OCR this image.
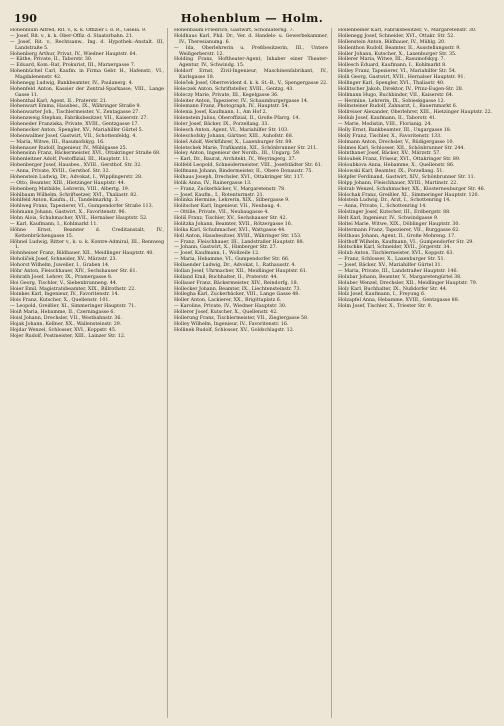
190	Hohenblum — Holm.

Hohenblum Alfred, Rit. v., k. k. Offizier i. d. R., Gisela. 9.

— Josef, Rit. v., k. k. Ober-Offiz. d. Staatsrbahn. 21.

— Josef, Rit. v., Rechtsanw., Ing. d. Hypothek.-Anstalt. III, Landstraße 5.

Hohenberg Arthur, Privat, IV., Wiedner Hauptstr. 64.

— Käthe, Private, II., Taborstr. 30.

— Eduard, Kom.-Rat, Prokurist, III., Marxergasse 7.

Hohenbüchel Carl, Kaufm. in Firma Gebr. H., Hafenstr., VI., Magdalenenstr. 42.

Hohenegg Ludwig, Bankbeamter, IV., Paulanerg. 4.

Hohenfeld Anton, Kassier der Zentral-Sparkasse, VIII., Lange Gasse 11.

Hohenthal Karl, Agent, II., Praterstr. 21.

Hohenwart Emma, Hausbes., IX., Währinger Straße 9.

Hohenwarter Joh., Tischlermeister, V., Zentagasse 27.

Hohenzweig Stephan, Fabriksbesitzer, VII., Kaiserstr. 27.

Hoheneder Franziska, Private, XVIII., Gentzgasse 17.

Hohenecker Anton, Spengler, XV., Mariahilfer Gürtel 5.

Hohenwallner Josef, Gastwirt, VII., Schottenfeldg. 4.

— Maria, Witwe, III., Rasumofskyg. 16.

Hohenauer Rudolf, Ingenieur, IV., Mühlgasse 25.

Hohensinn Franz, Bäckermeister, XVI., Ottakringer Straße 68.

Hohenleitner Adolf, Postoffizial, III., Hauptstr. 11.

Hohenberger Josef, Hausbes., XVIII., Gersthof. Str. 32.

— Anna, Private, XVIII., Gersthof. Str. 32.

Hohenstein Ludwig, Dr., Advokat, I., Wipplingerstr. 28.

— Otto, Beamter, XIII., Hietzinger Hauptstr. 44.

Hohenberg Mathilde, Lehrerin, VIII., Albertg. 19.

Hohlbaum Wilhelm, Schriftsetzer, XVI., Thaliastr. 82.

Hohlfeld Anton, Kaufm., II., Tandelmarktg. 3.

Hohlweg Franz, Tapezierer, VI., Gumpendorfer Straße 113.

Hohmann Johann, Gastwirt, X., Favoritenstr. 96.

Hohn Alois, Schuhmacher, XVII., Hernalser Hauptstr. 52.

— Karl, Kaufmann, I., Kohlmarkt 11.

Höhne Ernst, Beamter d. Creditanstalt, IV., Kettenbrückengasse 15.

Höhnel Ludwig, Ritter v., k. u. k. Kontre-Admiral, III., Rennweg 1.

Hohnheiser Franz, Bildhauer, XII., Meidlinger Hauptstr. 40.

Hoholiček Josef, Schneider, XV., Märzstr. 23.

Hohorst Wilhelm, Juwelier, I., Graben 14.

Höhr Anton, Fleischhauer, XIV., Sechshauser Str. 61.

Hohrath Josef, Lehrer, IX., Pramergasse 8.

Hoi Georg, Tischler, V., Siebenbrunneng. 44.

Hoier Emil, Magistratsbeamter, XIX., Billrothstr. 22.

Hoinkes Karl, Ingenieur, IV., Favoritenstr. 14.

Hois Franz, Kutscher, X., Quellenstr. 101.

— Leopold, Greißler, XI., Simmeringer Hauptstr. 71.

Hoiß Maria, Hebamme, II., Czerningasse 6.

Hoisl Johann, Drechsler, VII., Westbahnstr. 36.

Hojak Johann, Kellner, XX., Wallensteinstr. 29.

Hojdar Wenzel, Schlosser, XVI., Koppstr. 45.

Hojer Rudolf, Postmeister, XIII., Lainzer Str. 12.

Hohenbaum Friedrich, Gastwirt, Schönlaterng. 7.

Holdhaus Karl, Phil. Dr., Ver. d. Handels- u. Gewerbekammer, IV., Theresianumg. 6.

— Ida, Oberlehrerin u. Preßbesitzerin, III., Untere Weißgerberstr. 12.

Holding Franz, Hoftheater-Agent, Inhaber einer Theater-Agentur, IV., Schwindg. 15.

Holdorf Ernst, Zivil-Ingenieur, Maschinenfabrikant, IV., Karlsgasse 18.

Holeček Josef, Oberrevident d. k. k. St.-B., V., Spengergasse 22.

Holeczek Anton, Schriftsteller, XVIII., Gentzg. 43.

Holeczy Marie, Private, III., Kegelgasse 36.

Holeiter Anton, Tapezierer, IV., Schaumburgergasse 14.

Holemann Franz, Photograph, IV., Hauptstr. 54.

Holenia Josef, Kaufmann, I., Am Hof 2.

Holenstein Julius, Oberoffizial, II., Große Pfarrg. 14.

Holer Josef, Bäcker, IX., Porzellang. 33.

Holesch Anton, Agent, VI., Mariahilfer Str. 103.

Holeschofsky Johann, Gärtner, XIII., Auhofstr. 68.

Holeš Adolf, Werkführer, X., Laxenburger Str. 89.

Holetschek Marie, Trafikantin, XII., Schönbrunner Str. 211.

Holey Anton, Ingenieur der Nordb., III., Ungarg. 59.

— Karl, Dr., Baurat, Architekt, IV., Weyringerg. 37.

Holfeld Leopold, Schneidermeister, VIII., Josefstädter Str. 61.

Holfmann Johann, Bindermeister, II., Obere Donaustr. 75.

Holhaus Joseph, Drechsler, XVI., Ottakringer Str. 117.

Holik Anna, IV., Rainergasse 13.

— Franz, Zuckerbäcker, V., Margaretenstr. 78.

— Josef, Kaufm., I., Rotenturmstr. 21.

Holinka Hermine, Lehrerin, XIX., Silbergasse 9.

Holitscher Karl, Ingenieur, VII., Neubaug. 4.

— Ottilie, Private, VII., Neubaugasse 4.

Holiš Franz, Tischler, XV., Sechshauser Str. 42.

Holitzka Johann, Beamter, XVII., Rötzergasse 16.

Holka Karl, Schuhmacher, XVI., Wattgasse 44.

Holl Anton, Hausbesitzer, XVIII., Währinger Str. 153.

— Franz, Fleischhauer, III., Landstraßer Hauptstr. 88.

— Johann, Gastwirt, X., Himberger Str. 27.

— Josef, Kaufmann, I., Wollzeile 12.

— Maria, Hebamme, VI., Gumpendorfer Str. 66.

Hollaender Ludwig, Dr., Advokat, I., Rathausstr. 4.

Hollan Josef, Uhrmacher, XII., Meidlinger Hauptstr. 61.

Holland Emil, Buchhalter, II., Praterstr. 44.

Hollauer Franz, Bäckermeister, XIV., Reindorfg. 18.

Hollecker Johann, Beamter, IX., Liechtensteinstr. 73.

Hollegha Karl, Zuckerbäcker, VIII., Lange Gasse 48.

Holler Anton, Lackierer, XX., Brigittaplatz 6.

— Karoline, Private, IV., Wiedner Hauptstr. 30.

Hollerer Josef, Kutscher, X., Quellenstr. 42.

Hollerung Franz, Tischlermeister, VII., Zieglergasse 58.

Holley Wilhelm, Ingenieur, IV., Favoritenstr. 16.

Hollinek Rudolf, Schlosser, XV., Goldschlagstr. 12.

Hollenbeiner Karl, Fabriksbesitzer, V., Margaretenstr. 30.

Hollenegg Josef, Schneider, XVI., Ottakr. Str. 52.

Hollenstein Anton, Bildhauer, IV., Mühlg. 20.

Hollenthon Rudolf, Beamter, II., Ausstellungsstr. 9.

Holler Johann, Kutscher, X., Laxenburger Str. 35.

Hollerer Maria, Witwe, III., Rasumofskyg. 7.

Hollesch Eduard, Kaufmann, I., Kohlmarkt 8.

Holley Franz, Tapezierer, VI., Mariahilfer Str. 54.

Holli Georg, Gastwirt, XVII., Hernalser Hauptstr. 91.

Hollinger Karl, Spengler, XVI., Thaliastr. 40.

Hollitscher Jakob, Direktor, IV., Prinz-Eugen-Str. 28.

Hollmann Hugo, Buchbinder, VII., Kaiserstr. 64.

— Hermine, Lehrerin, IX., Sobieskigasse 12.

Hollnsteiner Rudolf, Zahnarzt, I., Bauernmarkt 6.

Hollreiser Alexander, Oberlehrer, XIII., Hietzinger Hauptstr. 22.

Hollub Josef, Kaufmann, II., Taborstr. 41.

— Marie, Modistin, VIII., Florianig. 24.

Holly Ernst, Bankbeamter, III., Ungargasse 18.

Hollý Franz, Tischler, X., Favoritenstr. 133.

Holmann Anton, Drechsler, V., Rüdigergasse 10.

Holmes Karl, Schlosser, XII., Schönbrunner Str. 244.

Holnthaner Josef, Bäcker, XV., Märzstr. 57.

Holoubek Franz, Friseur, XVI., Ottakringer Str. 89.

Holoubkova Anna, Hebamme, X., Quellenstr. 86.

Holowski Karl, Beamter, IX., Porzellang. 51.

Holpfer Ferdinand, Gastwirt, XIV., Schönbrunner Str. 11.

Holpp Johann, Fleischhauer, XVIII., Martinstr. 22.

Holrab Wenzel, Schuhmacher, XX., Klosterneuburger Str. 46.

Holschak Franz, Greißler, XI., Simmeringer Hauptstr. 120.

Holstein Ludwig, Dr., Arzt, I., Schottenring 14.

— Anna, Private, I., Schottenring 14.

Holstinger Josef, Kutscher, III., Erdbergstr. 88.

Holt Karl, Ingenieur, IV., Schwindgasse 9.

Holtei Marie, Witwe, XIX., Döblinger Hauptstr. 30.

Holtermann Franz, Tapezierer, VII., Burggasse 62.

Holthaus Johann, Agent, II., Große Mohreng. 17.

Holthoff Wilhelm, Kaufmann, VI., Gumpendorfer Str. 29.

Holtschke Karl, Schneider, XVII., Jörgerstr. 34.

Holub Anton, Tischlermeister, XVI., Koppstr. 63.

— Franz, Schlosser, X., Laxenburger Str. 51.

— Josef, Bäcker, XV., Mariahilfer Gürtel 31.

— Maria, Private, III., Landstraßer Hauptstr. 146.

Holubar Johann, Beamter, V., Margaretengürtel 38.

Holubec Wenzel, Drechsler, XII., Meidlinger Hauptstr. 79.

Holy Karl, Buchhalter, IX., Nußdorfer Str. 44.

Holz Josef, Kaufmann, I., Freyung 6.

Holzapfel Anna, Hebamme, XVIII., Gentzgasse 88.

Holm Josef, Tischler, X., Triester Str. 9.
